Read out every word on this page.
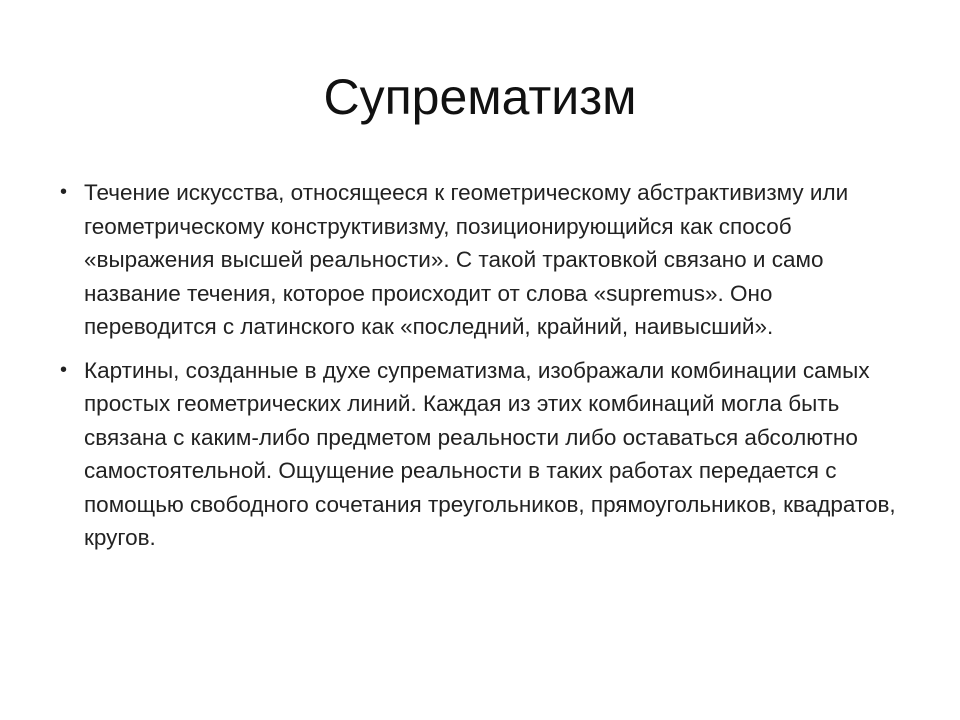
Супрематизм
• Течение искусства, относящееся к геометрическому абстрактивизму или геометрическому конструктивизму, позиционирующийся как способ «выражения высшей реальности». С такой трактовкой связано и само название течения, которое происходит от слова «supremus». Оно переводится с латинского как «последний, крайний, наивысший».
• Картины, созданные в духе супрематизма, изображали комбинации самых простых геометрических линий. Каждая из этих комбинаций могла быть связана с каким-либо предметом реальности либо оставаться абсолютно самостоятельной. Ощущение реальности в таких работах передается с помощью свободного сочетания треугольников, прямоугольников, квадратов, кругов.
